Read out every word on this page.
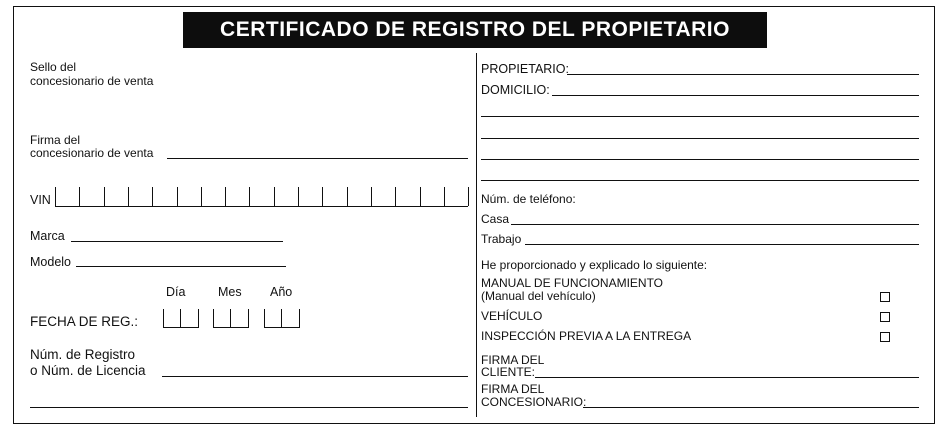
CERTIFICADO DE REGISTRO DEL PROPIETARIO
Sello del
concesionario de venta
Firma del
concesionario de venta
VIN
Marca
Modelo
Día	Mes Año
FECHA DE REG.:
Núm. de Registro
o Núm. de Licencia
PROPIETARIO:
DOMICILIO:
Núm. de teléfono:
Casa
Trabajo
He proporcionado y explicado lo siguiente:
MANUAL DE FUNCIONAMIENTO
(Manual del vehículo)
VEHÍCULO
INSPECCIÓN PREVIA A LA ENTREGA
FIRMA DEL
CLIENTE:
FIRMA DEL
CONCESIONARIO:
